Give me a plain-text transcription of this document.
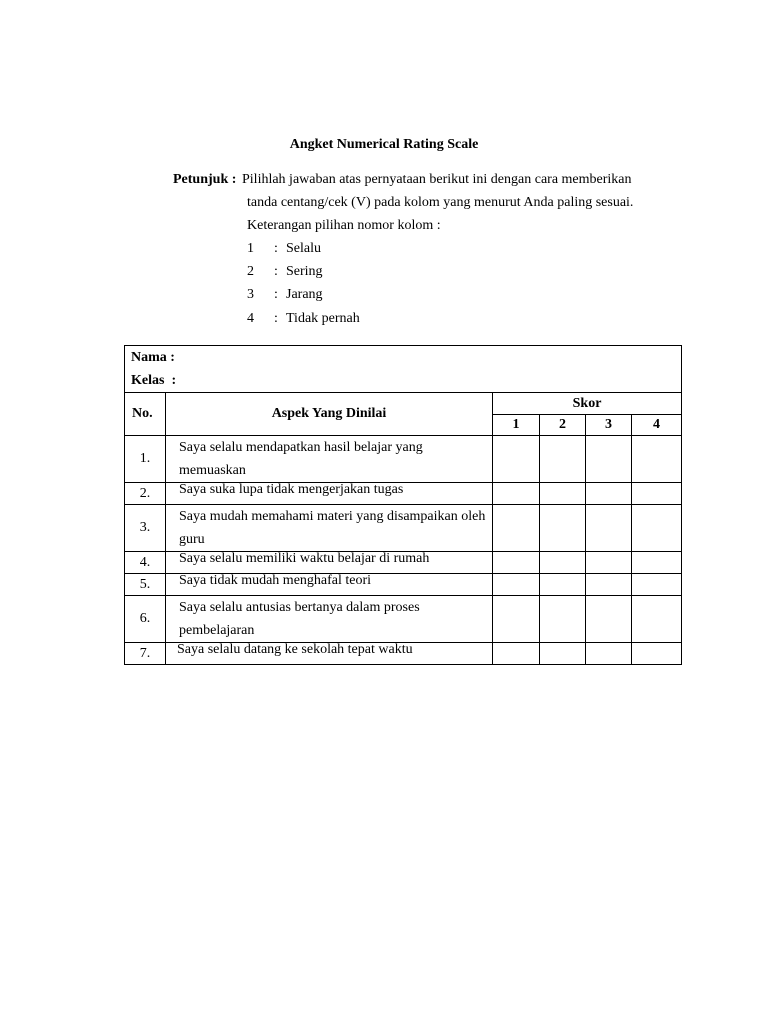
Angket Numerical Rating Scale
Petunjuk : Pilihlah jawaban atas pernyataan berikut ini dengan cara memberikan
tanda centang/cek (V) pada kolom yang menurut Anda paling sesuai.
Keterangan pilihan nomor kolom :
1 : Selalu
2 : Sering
3 : Jarang
4 : Tidak pernah
Nama :
Kelas  :					

No.	Aspek Yang Dinilai	Skor			
		1	2	3	4
1.	Saya selalu mendapatkan hasil belajar yang memuaskan				
2.	Saya suka lupa tidak mengerjakan tugas				
3.	Saya mudah memahami materi yang disampaikan oleh guru				
4.	Saya selalu memiliki waktu belajar di rumah				
5.	Saya tidak mudah menghafal teori				
6.	Saya selalu antusias bertanya dalam proses pembelajaran				
7.	Saya selalu datang ke sekolah tepat waktu				
